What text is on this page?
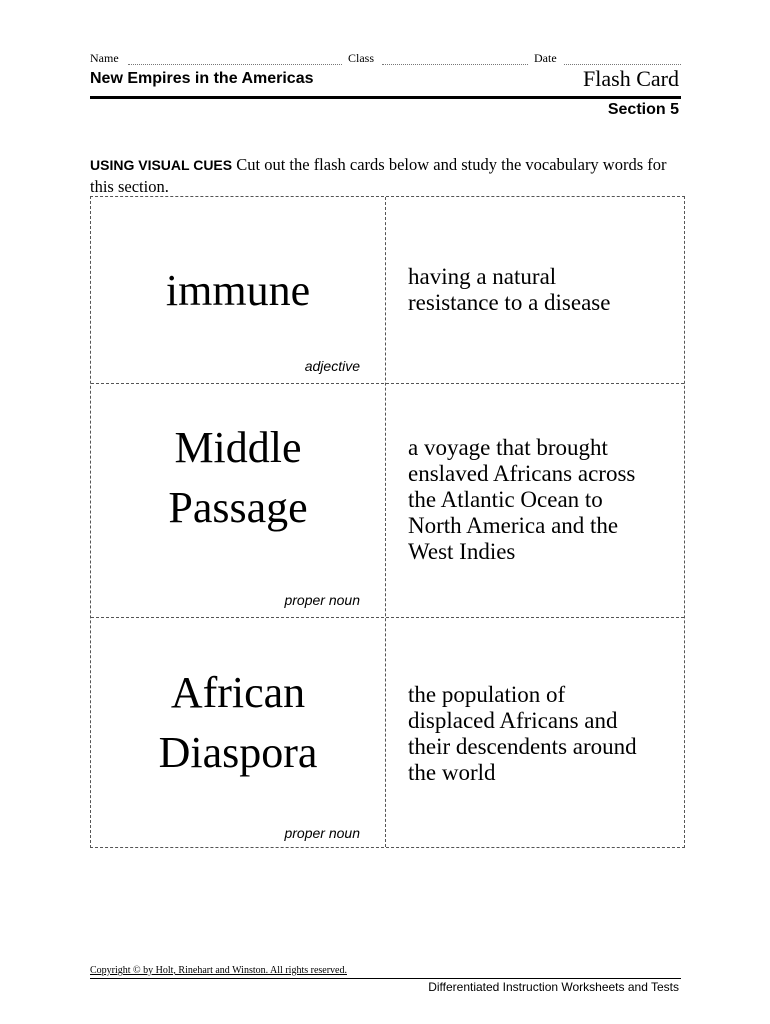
Name	Class	Date
New Empires in the Americas	Flash Card
Section 5
USING VISUAL CUES Cut out the flash cards below and study the vocabulary words for this section.
immune
adjective
having a natural
resistance to a disease
Middle
Passage
proper noun
a voyage that brought
enslaved Africans across
the Atlantic Ocean to
North America and the
West Indies
African
Diaspora
proper noun
the population of
displaced Africans and
their descendents around
the world
Copyright © by Holt, Rinehart and Winston. All rights reserved.
Differentiated Instruction Worksheets and Tests
